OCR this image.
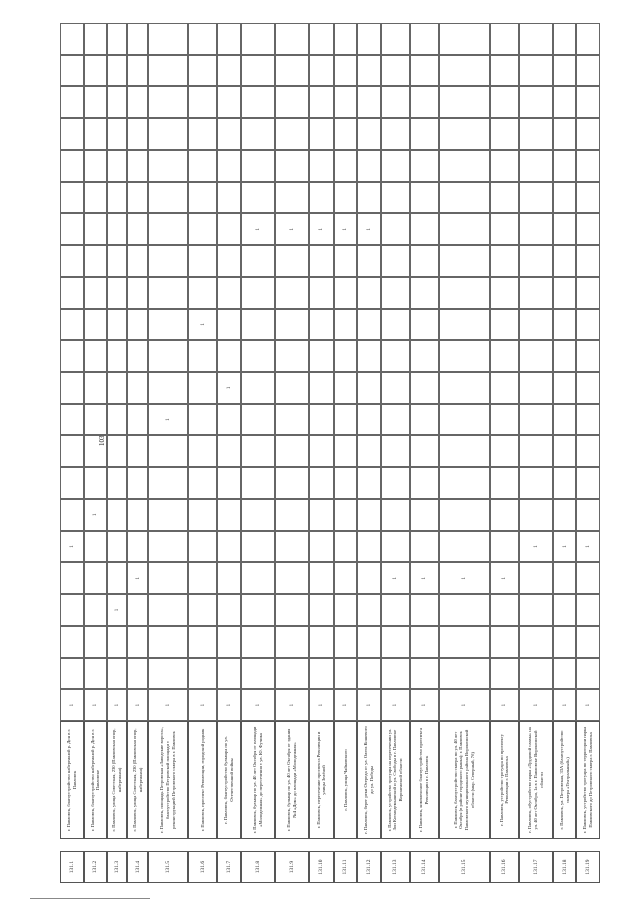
103
131.1
г. Павловск, благоустройство набережной р. Дон в г. Павловск
1
1
131.2
г. Павловск, благоустройство набережной р. Дон в г. Павловске
1
1
131.3
г. Павловск, улица Советская, 230 (Павловская опор, набережная)
1
1
131.4
г. Павловск, улица Советская, 230 (Павловская опор, набережная)
1
1
131.5
г. Павловск, площадь Петровская «Заводские ворота», благоустройство Петровской площади с реконструкцией Петровского сквера в г. Павловск
1
1
131.6
г. Павловск, проспект Революции, городской родник
1
1
131.7
г. Павловск, благоустройство бульвара по ул. Отечественной войны
1
1
131.8
г. Павловск, бульвар по ул. 40 лет Октября от площади «Молодежная» до пересечения с ул. Ю. Фучика
1
1
131.9
г. Павловск, бульвар по ул. 40 лет Октября от здания №4 «Дом» до площади «Молодежная»
1
1
131.10
г. Павловск, пересечение проспекта Революции и улицы Зелёной
1
1
131.11
г. Павловск, улица Чайковского
1
1
131.12
г. Павловск, берег реки Осереда от ул. Олега Кошевого до ул. Победы
1
1
131.13
г. Павловск, устройство тротуара на пересечении ул. Зои Космодемьянской и ул. Свободы в г. Павловске Воронежской области
1
1
131.14
г. Павловск, комплексное благоустройство проспекта Революции в г. Павловск
1
1
131.15
г. Павловск, благоустройство сквера по ул. 40 лет Октября (в районе городского рынка); г. Павловск Павловского муниципального района Воронежской области (мкр. Северный, 7б)
1
1
131.16
г. Павловск, устройство тротуара по проспекту Революции г. Павловска
1
1
131.17
г. Павловск, обустройство парка «Трудовой славы» на ул. 40 лет Октября, 1а в г. Павловске Воронежской области
1
1
131.18
г. Павловск, ул. Петровская, 33А (благоустройство сквера «Театральный»)
1
1
131.19
г. Павловск, устройство тротуара по территории парка Павловского до Петровского сквера г. Павловска
1
1
